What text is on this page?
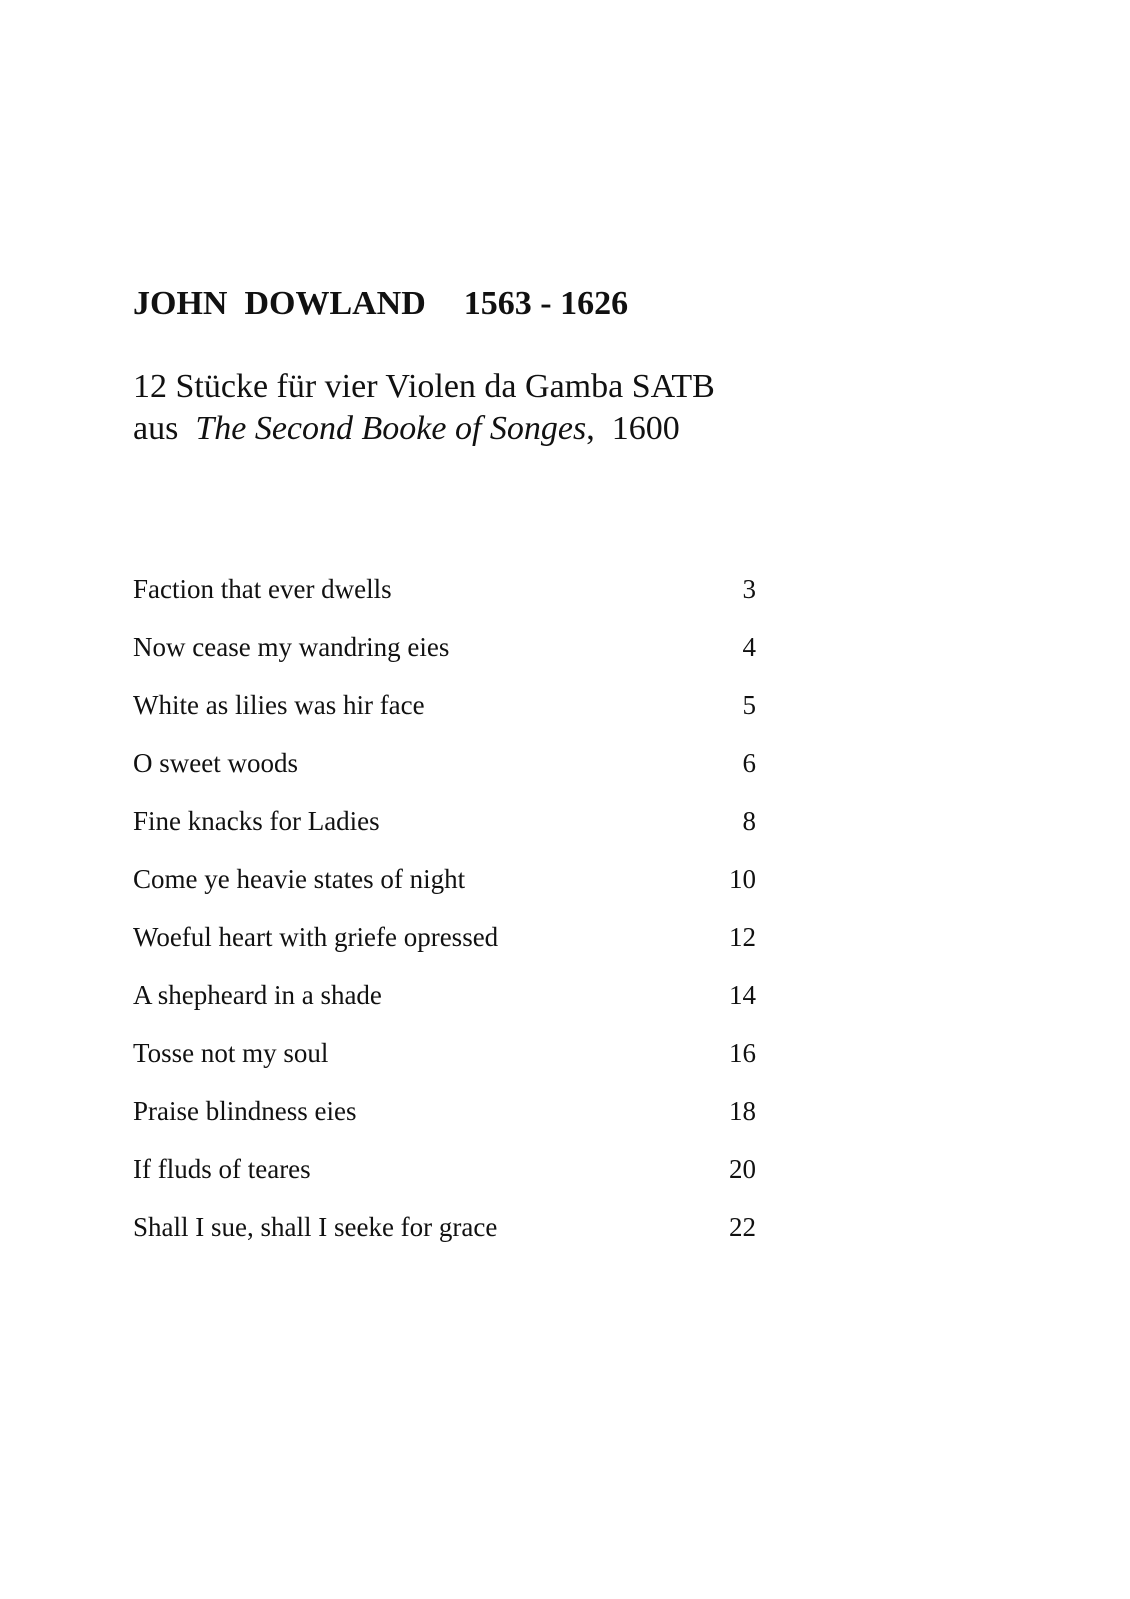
JOHN  DOWLAND 1563 - 1626
12 Stücke für vier Violen da Gamba SATB
aus  The Second Booke of Songes,  1600
Faction that ever dwells	3
Now cease my wandring eies	4
White as lilies was hir face	5
O sweet woods	6
Fine knacks for Ladies	8
Come ye heavie states of night	10
Woeful heart with griefe opressed	12
A shepheard in a shade	14
Tosse not my soul	16
Praise blindness eies	18
If fluds of teares	20
Shall I sue, shall I seeke for grace	22
